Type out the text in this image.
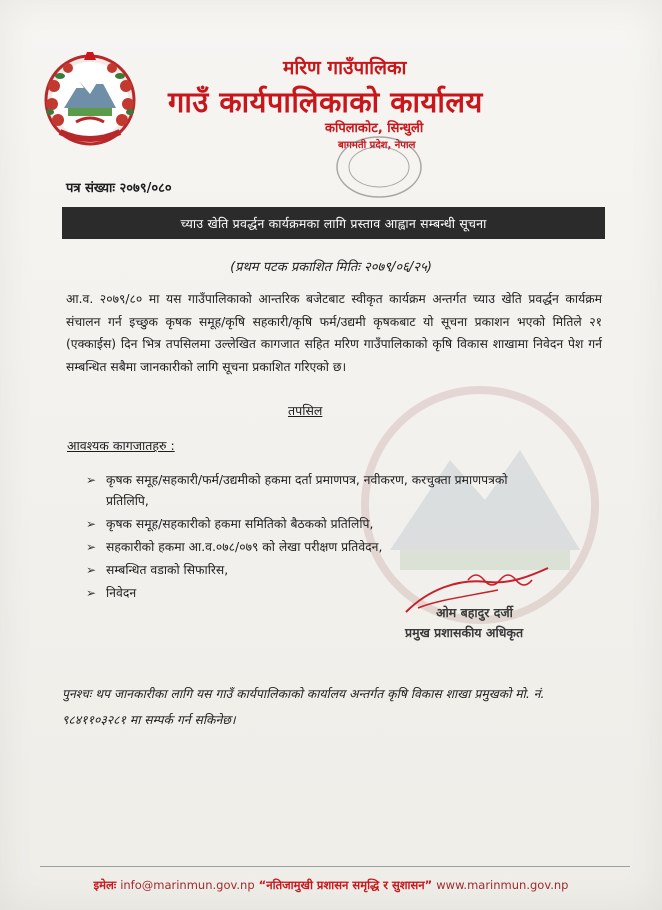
मरिण गाउँपालिका
गाउँ कार्यपालिकाको कार्यालय
कपिलाकोट, सिन्धुली
बागमती प्रदेश, नेपाल
पत्र संख्याः २०७९/०८०
च्याउ खेति प्रवर्द्धन कार्यक्रमका लागि प्रस्ताव आह्वान सम्बन्धी सूचना
(प्रथम पटक प्रकाशित मितिः २०७९/०६/२५)
आ.व. २०७९/८० मा यस गाउँपालिकाको आन्तरिक बजेटबाट स्वीकृत कार्यक्रम अन्तर्गत च्याउ खेति प्रवर्द्धन कार्यक्रम संचालन गर्न इच्छुक कृषक समूह/कृषि सहकारी/कृषि फर्म/उद्यमी कृषकबाट यो सूचना प्रकाशन भएको मितिले २१ (एक्काईस) दिन भित्र तपसिलमा उल्लेखित कागजात सहित मरिण गाउँपालिकाको कृषि विकास शाखामा निवेदन पेश गर्न सम्बन्धित सबैमा जानकारीको लागि सूचना प्रकाशित गरिएको छ।
तपसिल
आवश्यक कागजातहरु :
➢ कृषक समूह/सहकारी/फर्म/उद्यमीको हकमा दर्ता प्रमाणपत्र, नवीकरण, करचुक्ता प्रमाणपत्रको प्रतिलिपि,
➢ कृषक समूह/सहकारीको हकमा समितिको बैठकको प्रतिलिपि,
➢ सहकारीको हकमा आ.व.०७८/०७९ को लेखा परीक्षण प्रतिवेदन,
➢ सम्बन्धित वडाको सिफारिस,
➢ निवेदन
ओम बहादुर दर्जी
प्रमुख प्रशासकीय अधिकृत
पुनश्चः थप जानकारीका लागि यस गाउँ कार्यपालिकाको कार्यालय अन्तर्गत कृषि विकास शाखा प्रमुखको मो. नं. ९८४११०३२८१ मा सम्पर्क गर्न सकिनेछ।
इमेलः info@marinmun.gov.np “नतिजामुखी प्रशासन समृद्धि र सुशासन” www.marinmun.gov.np
